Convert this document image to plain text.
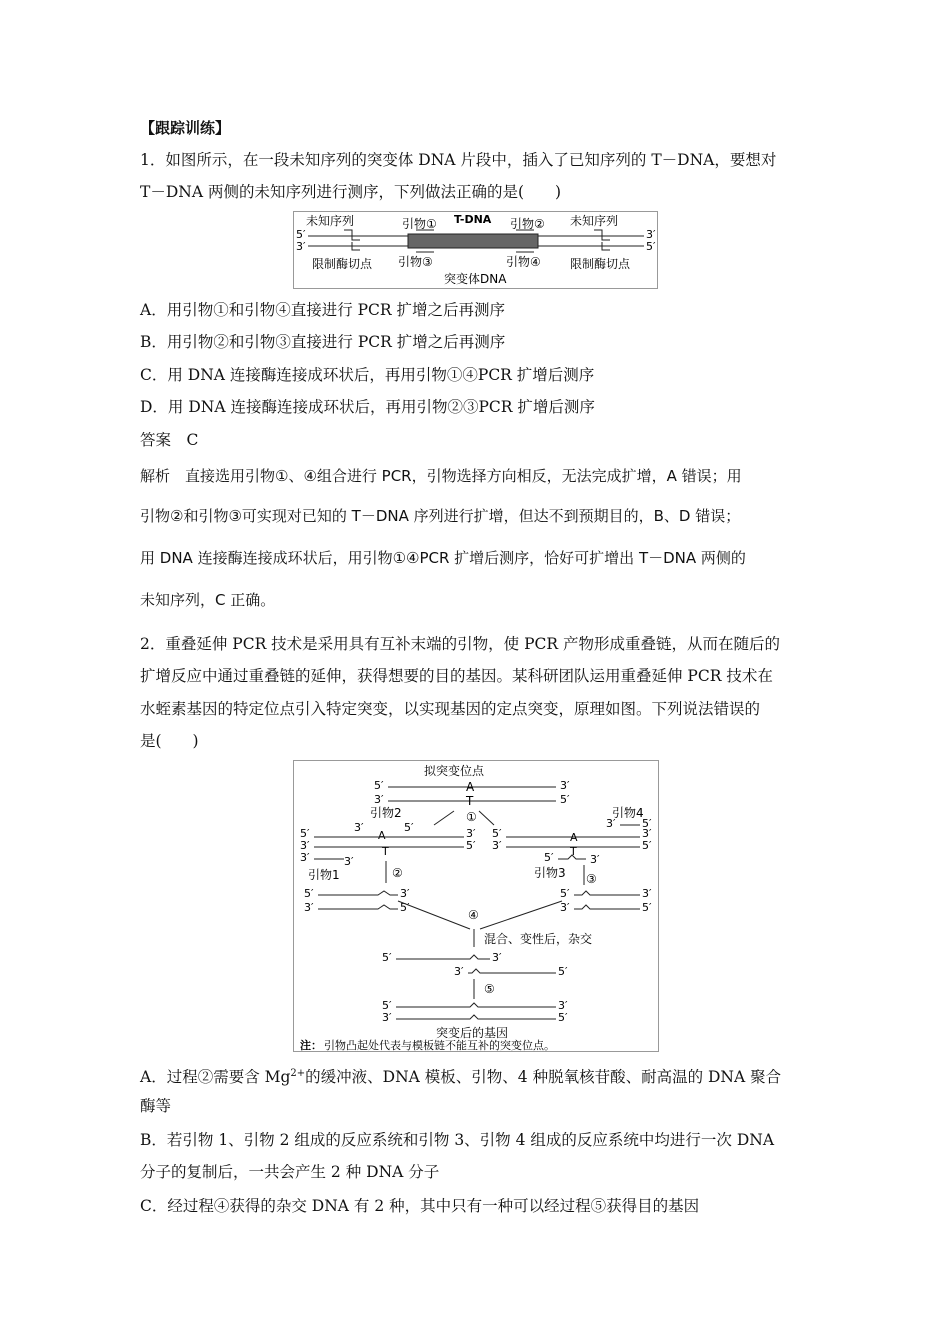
【跟踪训练】
1．如图所示，在一段未知序列的突变体 DNA 片段中，插入了已知序列的 T－DNA，要想对
T－DNA 两侧的未知序列进行测序，下列做法正确的是(　　)
5′
3′
3′
5′
未知序列	未知序列
引物① T-DNA 引物②
限制酶切点 引物③	引物④ 限制酶切点
突变体DNA
A．用引物①和引物④直接进行 PCR 扩增之后再测序
B．用引物②和引物③直接进行 PCR 扩增之后再测序
C．用 DNA 连接酶连接成环状后，再用引物①④PCR 扩增后测序
D．用 DNA 连接酶连接成环状后，再用引物②③PCR 扩增后测序
答案　C
解析　直接选用引物①、④组合进行 PCR，引物选择方向相反，无法完成扩增，A 错误；用
引物②和引物③可实现对已知的 T－DNA 序列进行扩增，但达不到预期目的，B、D 错误；
用 DNA 连接酶连接成环状后，用引物①④PCR 扩增后测序，恰好可扩增出 T－DNA 两侧的
未知序列，C 正确。
2．重叠延伸 PCR 技术是采用具有互补末端的引物，使 PCR 产物形成重叠链，从而在随后的
扩增反应中通过重叠链的延伸，获得想要的目的基因。某科研团队运用重叠延伸 PCR 技术在
水蛭素基因的特定位点引入特定突变，以实现基因的定点突变，原理如图。下列说法错误的
是(　　)
拟突变位点
5′
3′
A
T
3′
5′
①
引物2
3′	5′
A
5′
3′	T
3′
5′
3′	3′
引物1	②
引物4
3′ 5′
5′
3′
A
T
3′
5′
5′	3′
引物3 ③
5′
3′
3′
5′
5′
3′
3′
5′
④
混合、变性后，杂交
5′	3′
3′	5′
⑤
5′
3′
3′
5′
突变后的基因
注： 引物凸起处代表与模板链不能互补的突变位点。
A．过程②需要含 $Mg^{2+}$的缓冲液、DNA 模板、引物、4 种脱氧核苷酸、耐高温的 DNA 聚合
酶等
B．若引物 1、引物 2 组成的反应系统和引物 3、引物 4 组成的反应系统中均进行一次 DNA
分子的复制后，一共会产生 2 种 DNA 分子
C．经过程④获得的杂交 DNA 有 2 种，其中只有一种可以经过程⑤获得目的基因
